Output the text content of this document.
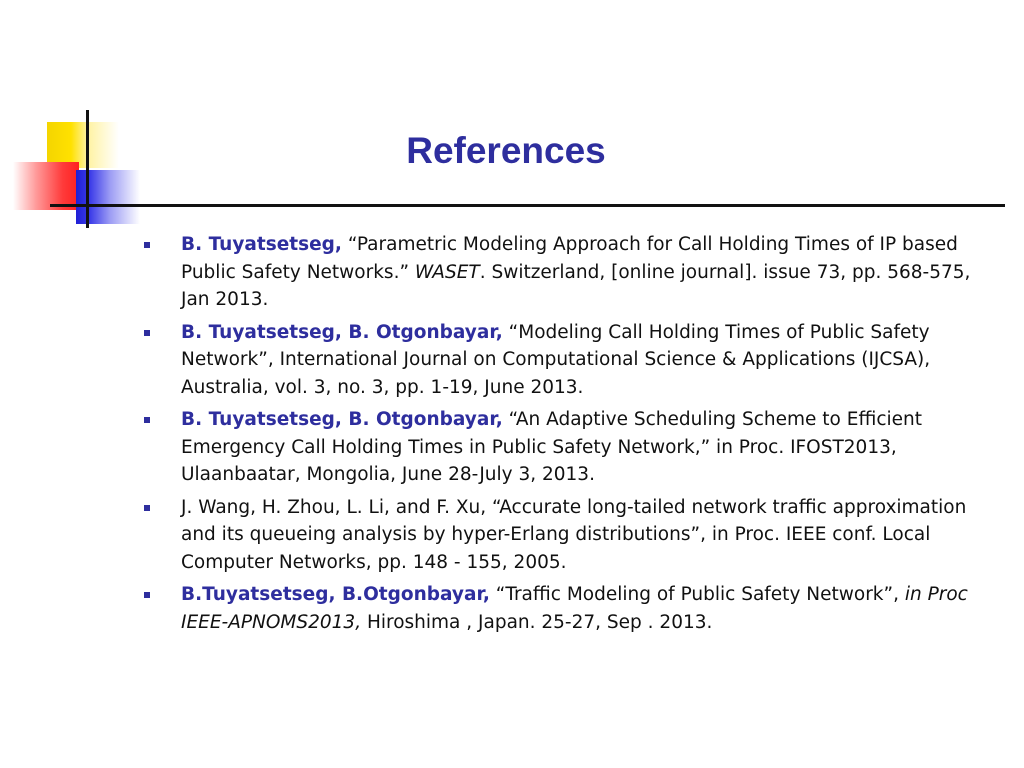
References
B. Tuyatsetseg, “Parametric Modeling Approach for Call Holding Times of IP based Public Safety Networks.” WASET. Switzerland, [online journal]. issue 73, pp. 568-575, Jan 2013.
B. Tuyatsetseg, B. Otgonbayar, “Modeling Call Holding Times of Public Safety Network”, International Journal on Computational Science & Applications (IJCSA), Australia, vol. 3, no. 3, pp. 1-19, June 2013.
B. Tuyatsetseg, B. Otgonbayar, “An Adaptive Scheduling Scheme to Efficient Emergency Call Holding Times in Public Safety Network,” in Proc. IFOST2013, Ulaanbaatar, Mongolia, June 28-July 3, 2013.
J. Wang, H. Zhou, L. Li, and F. Xu, “Accurate long-tailed network traffic approximation and its queueing analysis by hyper-Erlang distributions”, in Proc. IEEE conf. Local Computer Networks, pp. 148 - 155, 2005.
B.Tuyatsetseg, B.Otgonbayar, “Traffic Modeling of Public Safety Network”, in Proc IEEE-APNOMS2013, Hiroshima , Japan. 25-27, Sep . 2013.
